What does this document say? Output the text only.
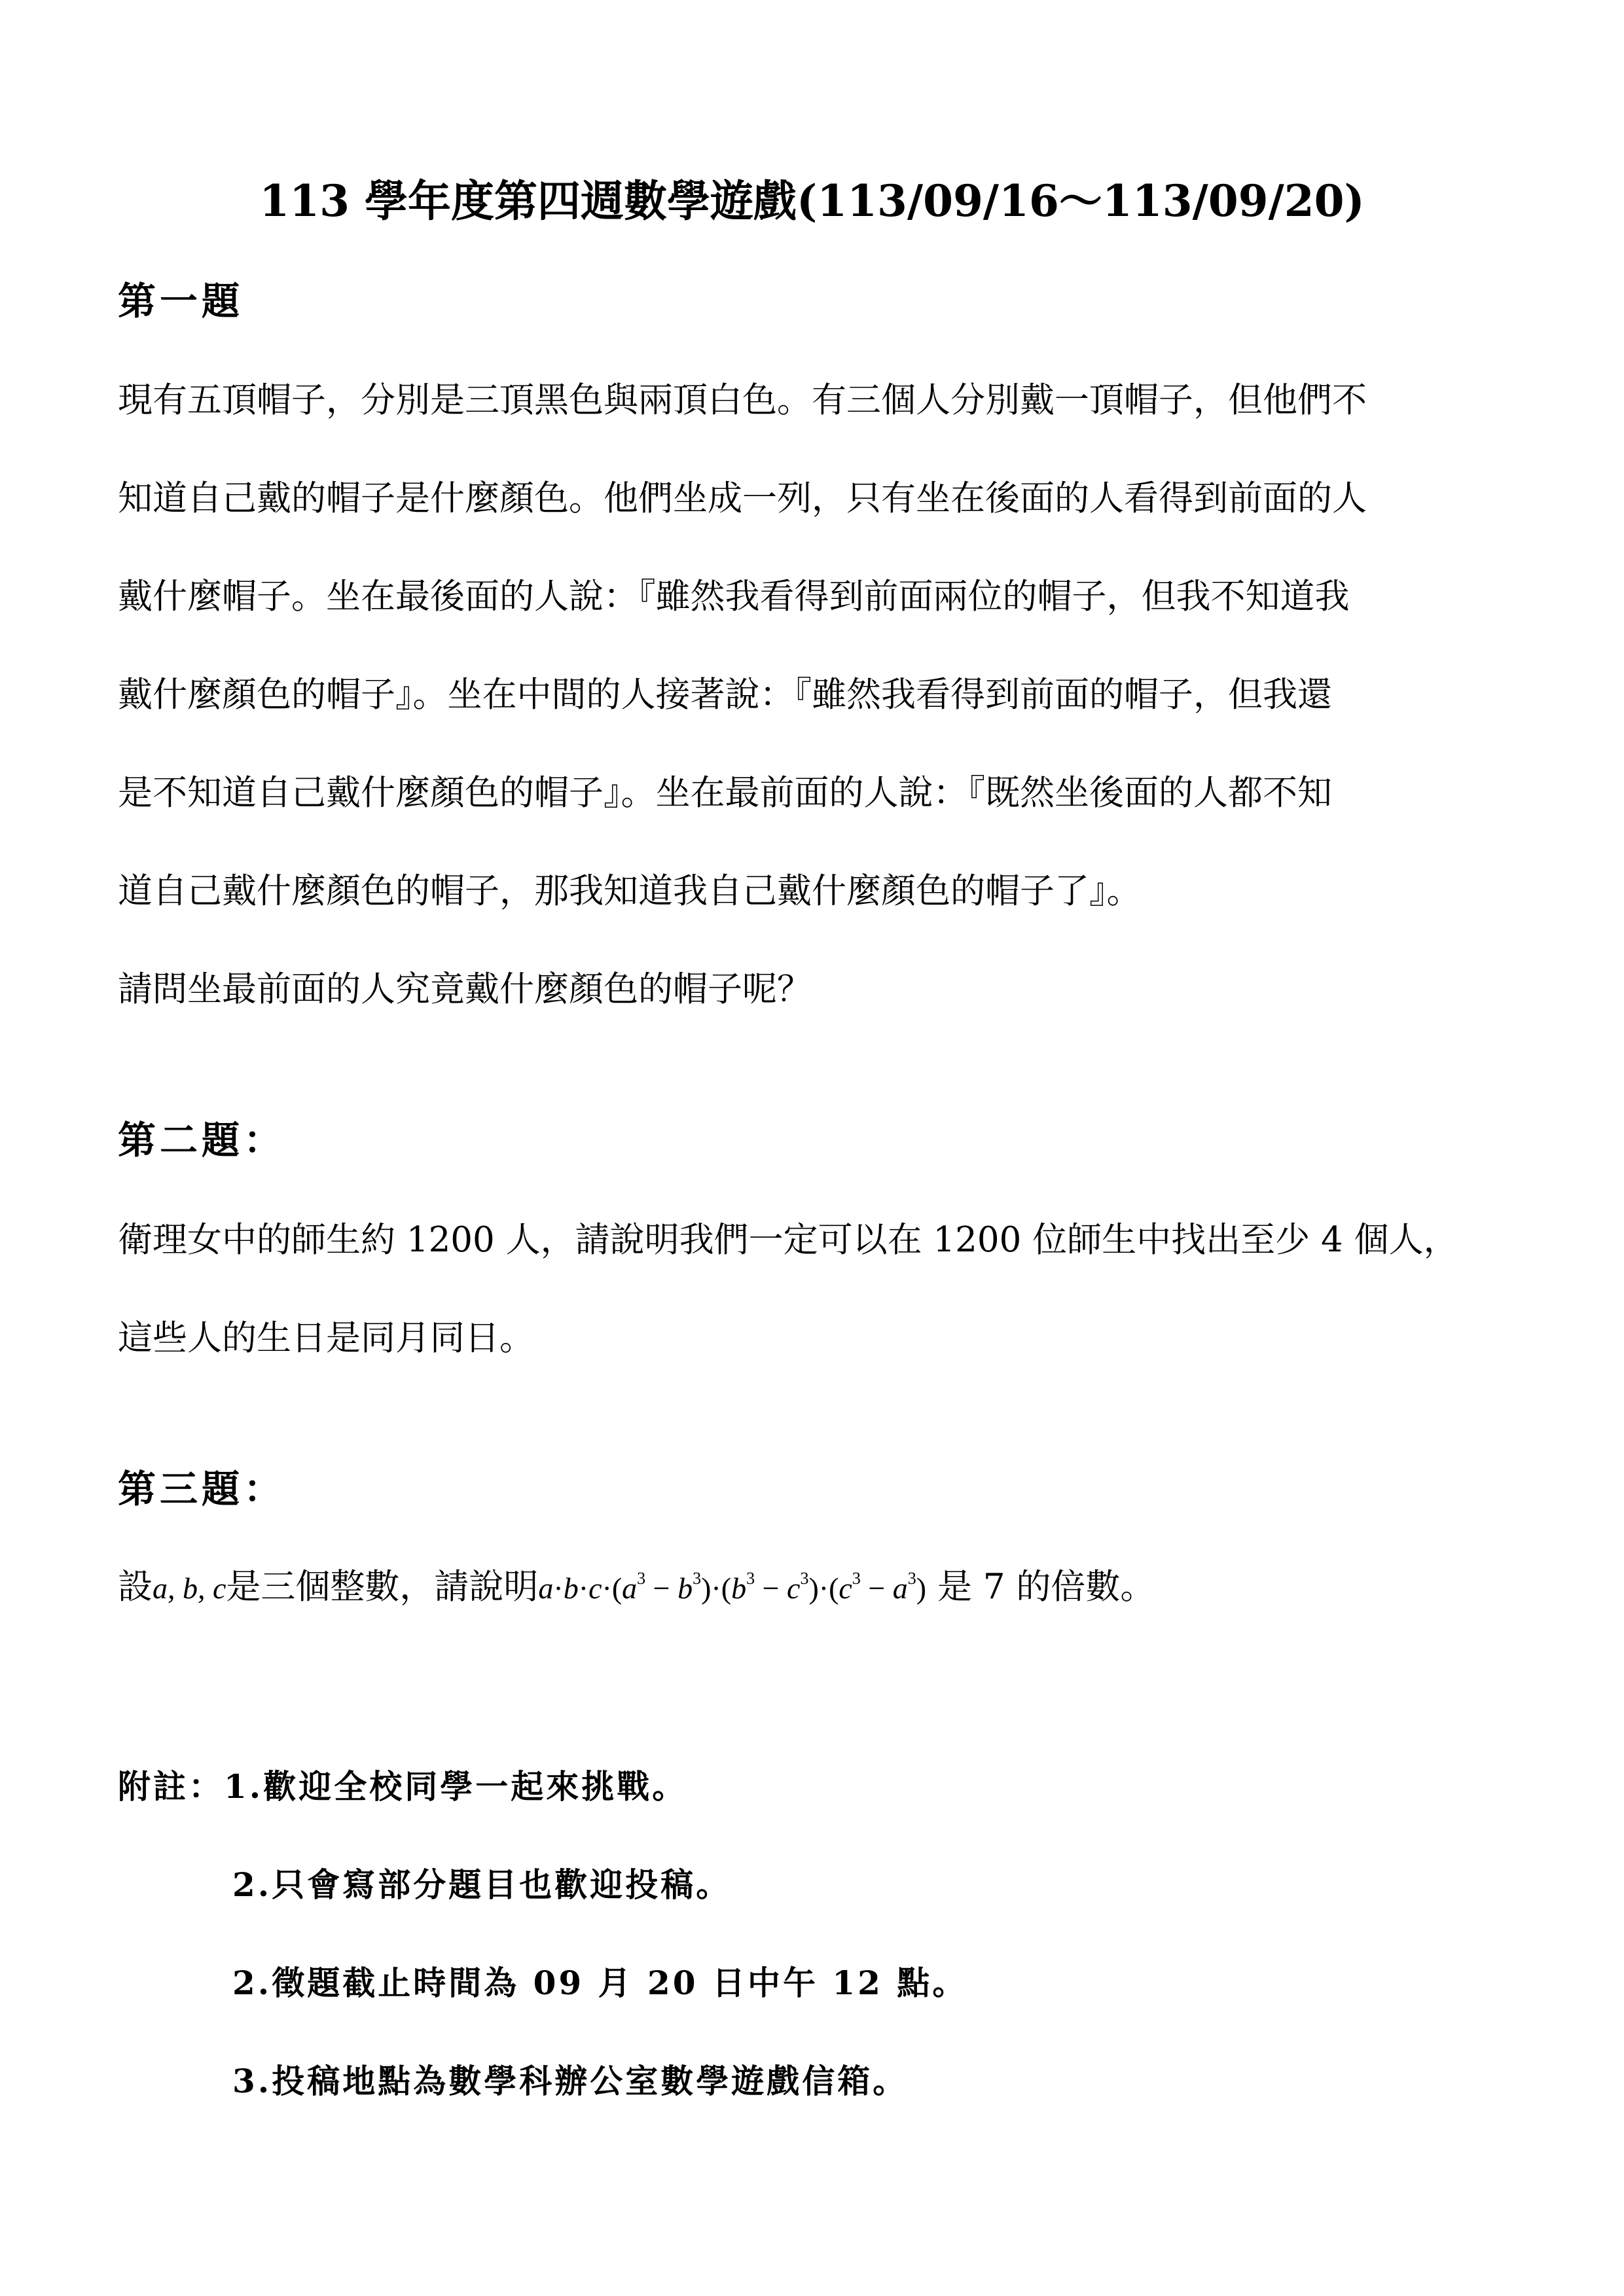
113 學年度第四週數學遊戲(113/09/16～113/09/20)
第一題
現有五頂帽子，分別是三頂黑色與兩頂白色。有三個人分別戴一頂帽子，但他們不
知道自己戴的帽子是什麼顏色。他們坐成一列，只有坐在後面的人看得到前面的人
戴什麼帽子。坐在最後面的人說：『雖然我看得到前面兩位的帽子，但我不知道我
戴什麼顏色的帽子』。坐在中間的人接著說：『雖然我看得到前面的帽子，但我還
是不知道自己戴什麼顏色的帽子』。坐在最前面的人說：『既然坐後面的人都不知
道自己戴什麼顏色的帽子，那我知道我自己戴什麼顏色的帽子了』。
請問坐最前面的人究竟戴什麼顏色的帽子呢？
第二題：
衛理女中的師生約 1200 人，請說明我們一定可以在 1200 位師生中找出至少 4 個人，
這些人的生日是同月同日。
第三題：
設a, b, c是三個整數，請說明$a\cdot b\cdot c\cdot(a^3 - b^3)\cdot(b^3 - c^3)\cdot(c^3 - a^3)$ 是 7 的倍數。
附註：1.歡迎全校同學一起來挑戰。
2.只會寫部分題目也歡迎投稿。
2.徵題截止時間為 09 月 20 日中午 12 點。
3.投稿地點為數學科辦公室數學遊戲信箱。
